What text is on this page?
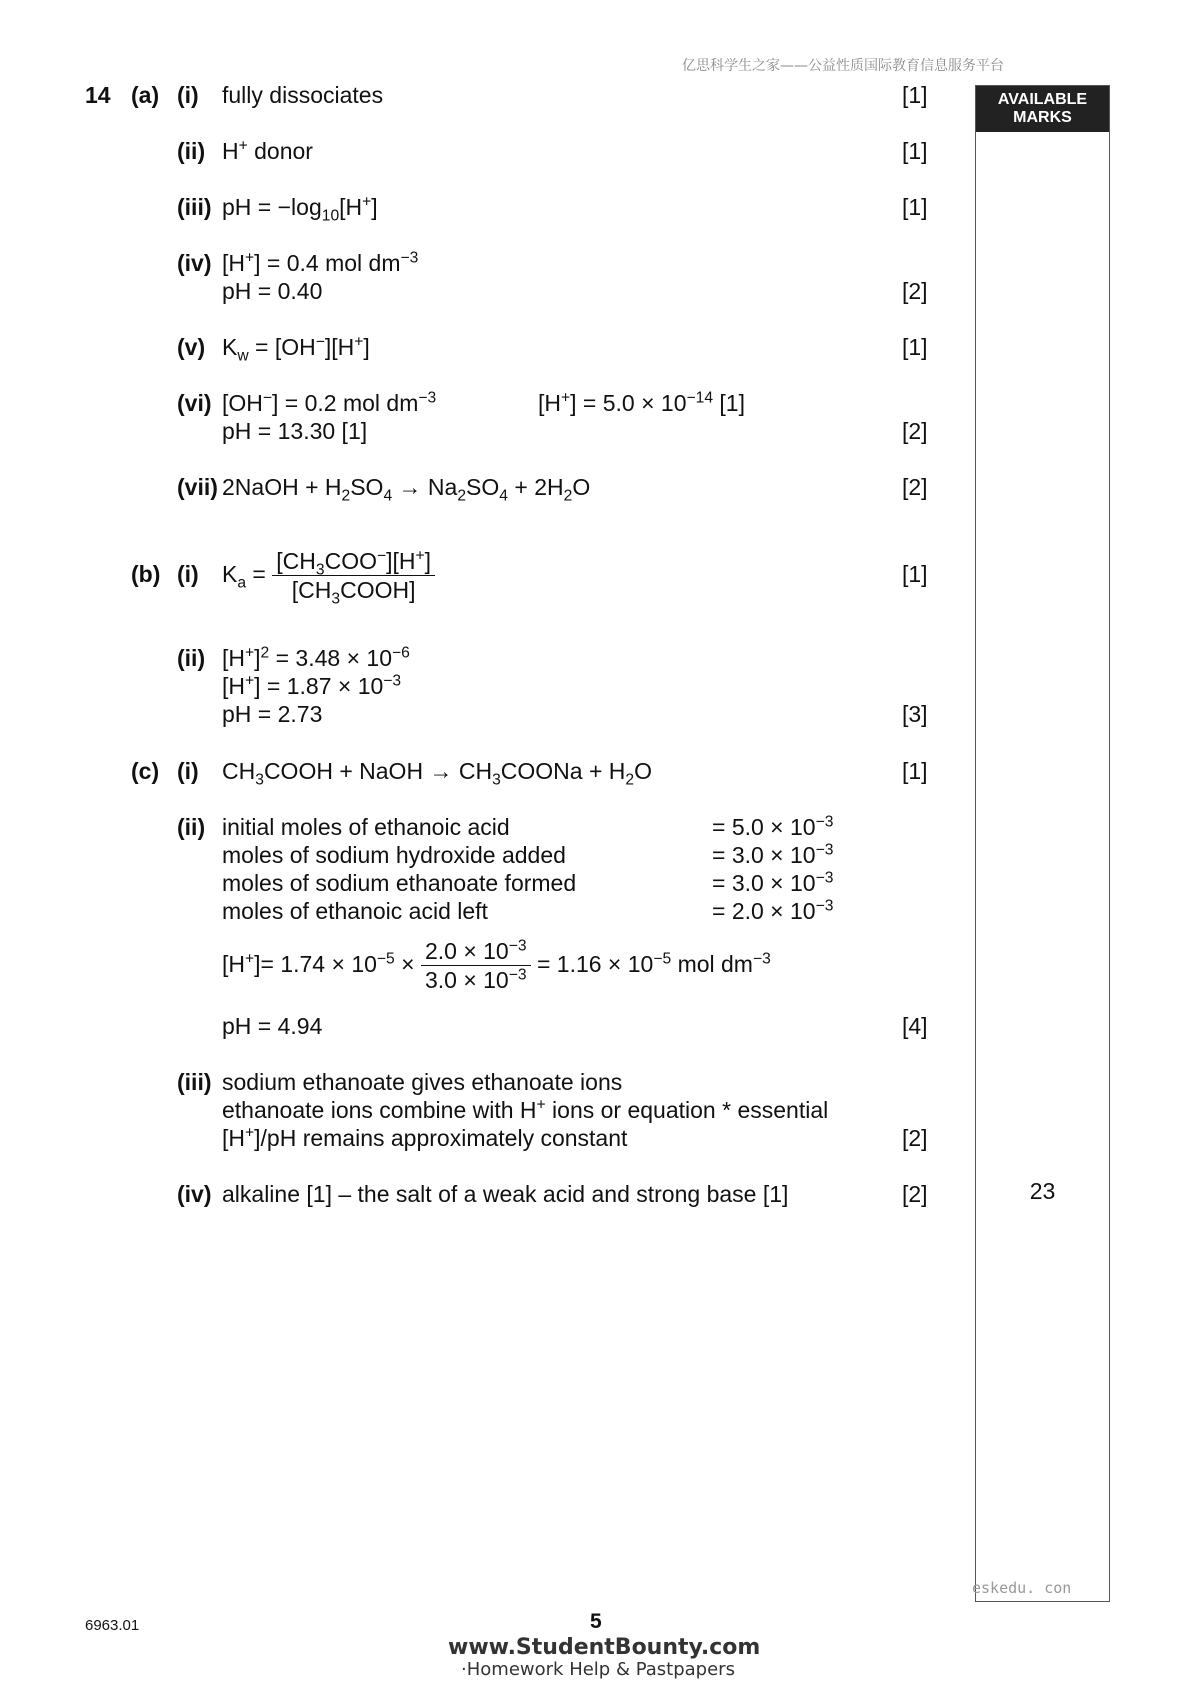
亿思科学生之家——公益性质国际教育信息服务平台
AVAILABLE MARKS
23
14 (a)
(b)
(c)
(i) fully dissociates	[1]
(ii) H+ donor	[1]
(iii) pH = $-\log_{10}[H^+]$	[1]
(iv) [H+] = 0.4 mol $dm^{-3}$
pH = 0.40	[2]
(v) $K_w = [OH^-][H^+]$	[1]
(vi) [OH−] = 0.2 mol $dm^{-3}$	$[H^+] = 5.0 \times 10^{-14}$ [1]
pH = 13.30 [1]	[2]
(vii) 2NaOH + $H_2SO_4 \to Na_2SO_4 + 2H_2O$	[2]
(i) $K_a = \frac{[CH_3COO^-][H^+]}{[CH_3COOH]}$	[1]
(ii) $[H^+]^2 = 3.48 \times 10^{-6}$
$[H^+] = 1.87 \times 10^{-3}$
pH = 2.73	[3]
(i) $CH_3COOH$ + NaOH → $CH_3COONa + H_2O$	[1]
(ii) initial moles of ethanoic acid	= $5.0 \times 10^{-3}$
moles of sodium hydroxide added	= $3.0 \times 10^{-3}$
moles of sodium ethanoate formed	= $3.0 \times 10^{-3}$
moles of ethanoic acid left	= $2.0 \times 10^{-3}$
$[H^+]= 1.74 \times 10^{-5} \times \frac{2.0 \times 10^{-3}}{3.0 \times 10^{-3}} = 1.16 \times 10^{-5}$ mol $dm^{-3}$
pH = 4.94	[4]
(iii) sodium ethanoate gives ethanoate ions
ethanoate ions combine with H+ ions or equation * essential
[H+]/pH remains approximately constant	[2]
(iv) alkaline [1] – the salt of a weak acid and strong base [1]	[2]
eskedu. con
6963.01	5
www.StudentBounty.com
·Homework Help & Pastpapers
